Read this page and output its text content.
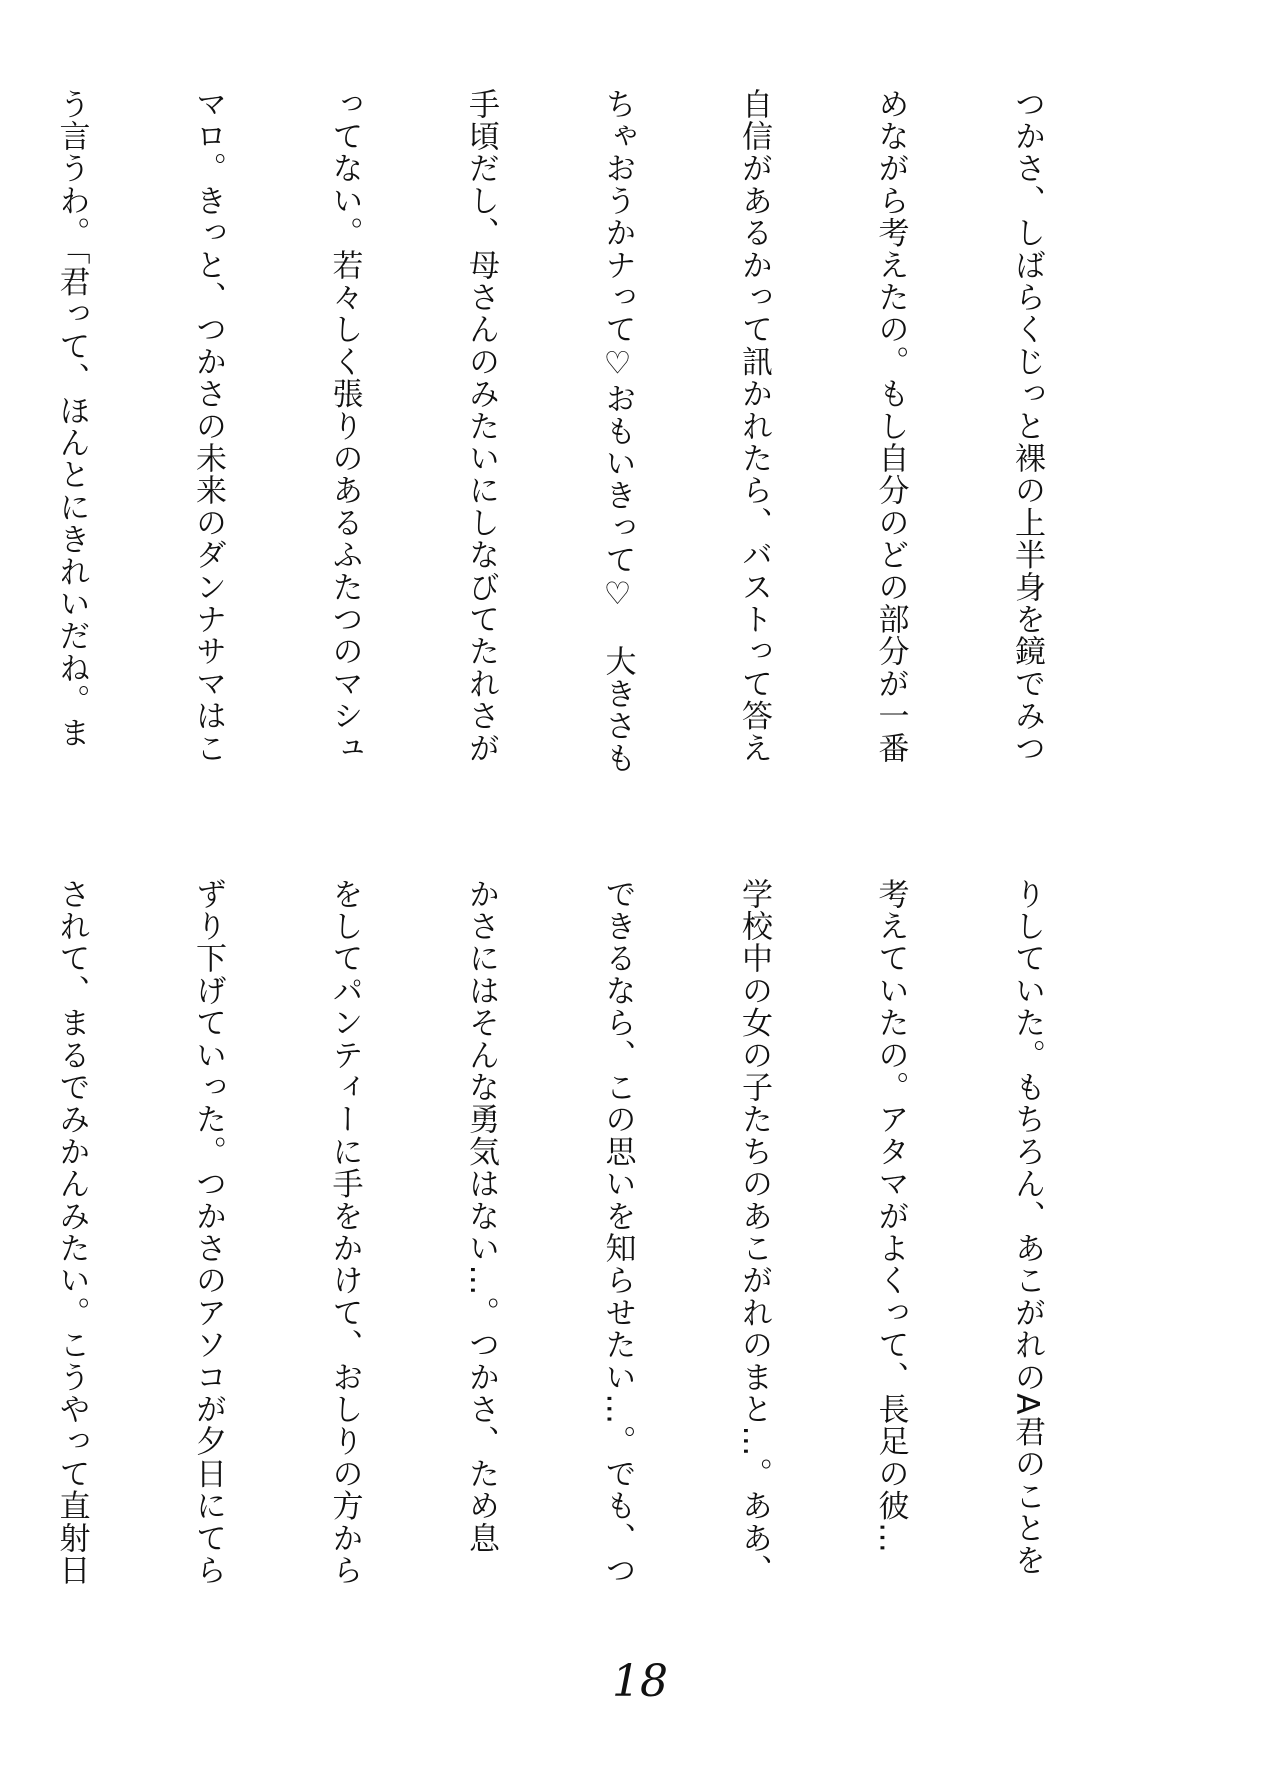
つかさ、しばらくじっと裸の上半身を鏡でみつ

めながら考えたの。もし自分のどの部分が一番

自信があるかって訊かれたら、バストって答え

ちゃおうかナって♡おもいきって♡　大きさも

手頃だし、母さんのみたいにしなびてたれさが

ってない。若々しく張りのあるふたつのマシュ

マロ。きっと、つかさの未来のダンナサマはこ

う言うわ。「君って、ほんとにきれいだね。ま

りしていた。もちろん、あこがれのA君のことを

考えていたの。アタマがよくって、長足の彼…

学校中の女の子たちのあこがれのまと…。ああ、

できるなら、この思いを知らせたい…。でも、つ

かさにはそんな勇気はない…。つかさ、ため息

をしてパンティーに手をかけて、おしりの方から

ずり下げていった。つかさのアソコが夕日にてら

されて、まるでみかんみたい。こうやって直射日

18
